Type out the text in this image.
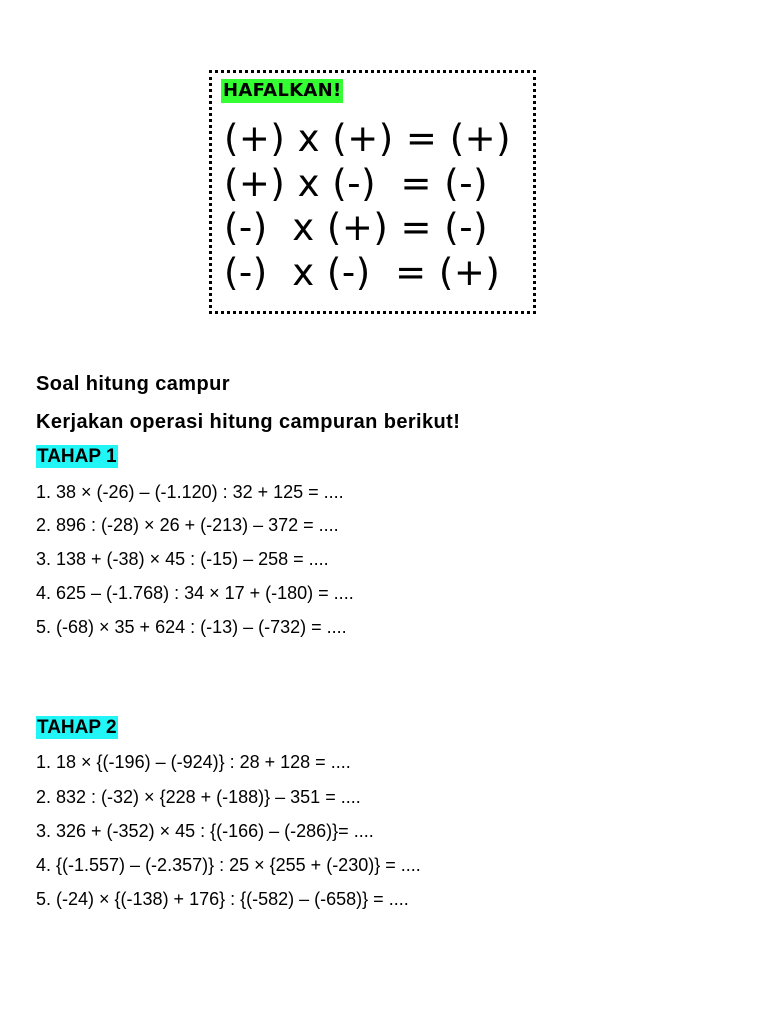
HAFALKAN!
(+) x (+) = (+)
(+) x (-)  = (-)
(-)  x (+) = (-)
(-)  x (-)  = (+)
Soal hitung campur
Kerjakan operasi hitung campuran berikut!
TAHAP 1
1. 38 × (-26) – (-1.120) : 32 + 125 = ....
2. 896 : (-28) × 26 + (-213) – 372 = ....
3. 138 + (-38) × 45 : (-15) – 258 = ....
4. 625 – (-1.768) : 34 × 17 + (-180) = ....
5. (-68) × 35 + 624 : (-13) – (-732) = ....
TAHAP 2
1. 18 × {(-196) – (-924)} : 28 + 128 = ....
2. 832 : (-32) × {228 + (-188)} – 351 = ....
3. 326 + (-352) × 45 : {(-166) – (-286)}= ....
4. {(-1.557) – (-2.357)} : 25 × {255 + (-230)} = ....
5. (-24) × {(-138) + 176} : {(-582) – (-658)} = ....
